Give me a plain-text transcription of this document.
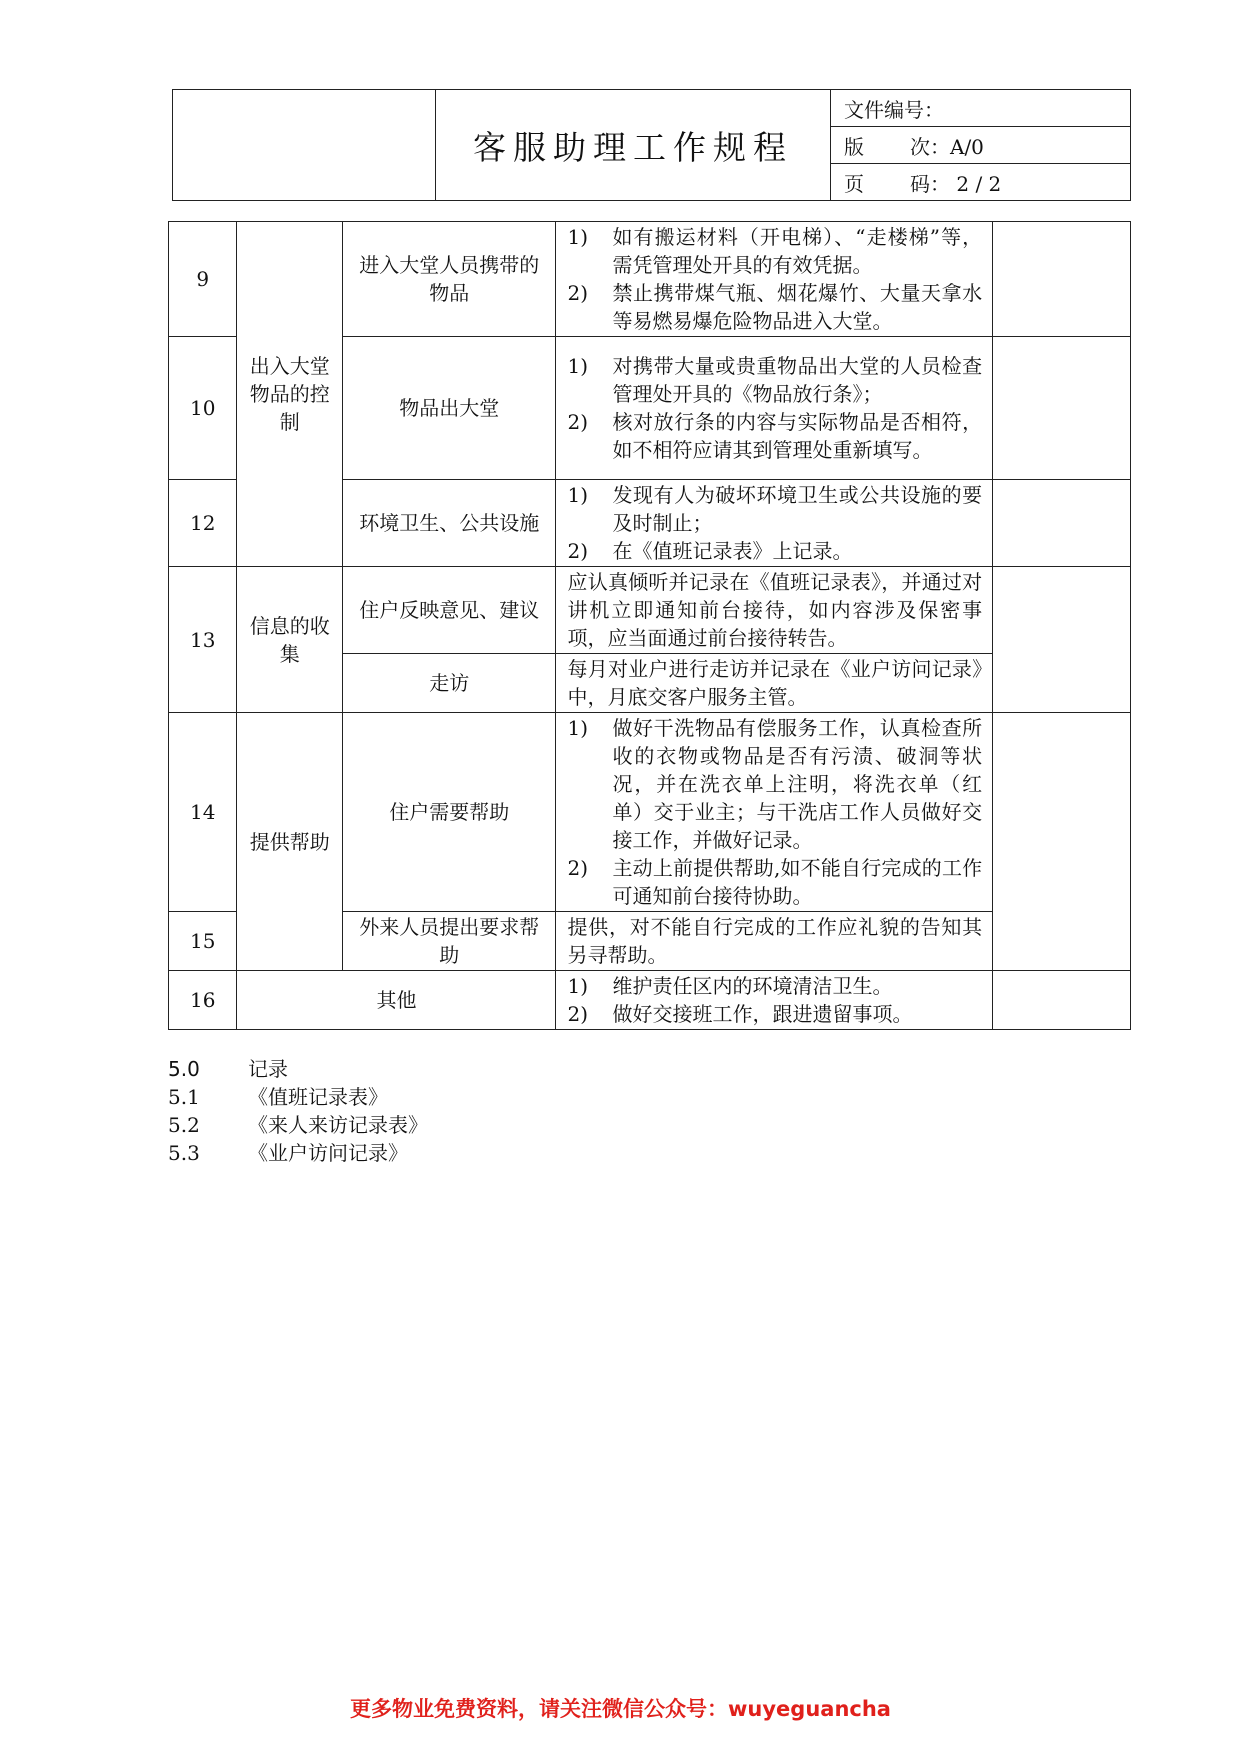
	客服助理工作规程	文件编号：
版 次：A/0
页 码： 2 / 2
9	出入大堂物品的控制	进入大堂人员携带的物品	1) 如有搬运材料（开电梯）、“走楼梯”等，需凭管理处开具的有效凭据。
2) 禁止携带煤气瓶、烟花爆竹、大量天拿水等易燃易爆危险物品进入大堂。	

10		物品出大堂	1) 对携带大量或贵重物品出大堂的人员检查管理处开具的《物品放行条》；
2) 核对放行条的内容与实际物品是否相符，如不相符应请其到管理处重新填写。	

12		环境卫生、公共设施	1) 发现有人为破坏环境卫生或公共设施的要及时制止；
2) 在《值班记录表》上记录。	

13	信息的收集	住户反映意见、建议	应认真倾听并记录在《值班记录表》，并通过对讲机立即通知前台接待，如内容涉及保密事项，应当面通过前台接待转告。	
		走访	每月对业户进行走访并记录在《业户访问记录》中，月底交客户服务主管。	
14	提供帮助	住户需要帮助	1) 做好干洗物品有偿服务工作，认真检查所收的衣物或物品是否有污渍、破洞等状况，并在洗衣单上注明，将洗衣单（红单）交于业主；与干洗店工作人员做好交接工作，并做好记录。
2) 主动上前提供帮助,如不能自行完成的工作可通知前台接待协助。	

15		外来人员提出要求帮助	提供，对不能自行完成的工作应礼貌的告知其另寻帮助。	
16	其他		1) 维护责任区内的环境清洁卫生。
2) 做好交接班工作，跟进遗留事项。	

5.0	记录
5.1	《值班记录表》
5.2	《来人来访记录表》
5.3	《业户访问记录》
更多物业免费资料，请关注微信公众号：wuyeguancha
